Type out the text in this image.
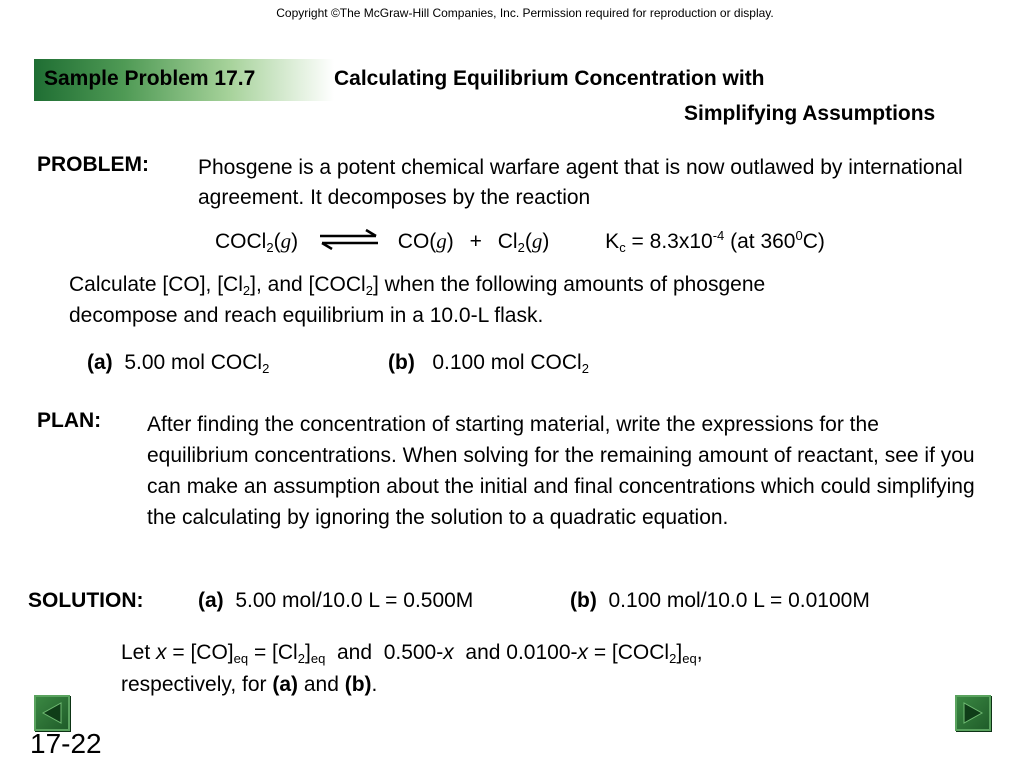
Copyright ©The McGraw-Hill Companies, Inc. Permission required for reproduction or display.
Sample Problem 17.7	Calculating Equilibrium Concentration with
Simplifying Assumptions
PROBLEM: Phosgene is a potent chemical warfare agent that is now outlawed by international agreement. It decomposes by the reaction
COCl$_2$(g) ⇌ $CO(g) + Cl_2(g)$	$K_c = 8.3x10^{-4}$ (at $360^0C$)
Calculate [CO], $[Cl_2]$, and [COCl$_2$] when the following amounts of phosgene
decompose and reach equilibrium in a 10.0-L flask.
(a)  5.00 mol COCl$_2$	(b)   0.100 mol COCl$_2$
PLAN: After finding the concentration of starting material, write the expressions for the equilibrium concentrations. When solving for the remaining amount of reactant, see if you can make an assumption about the initial and final concentrations which could simplifying the calculating by ignoring the solution to a quadratic equation.
SOLUTION:	(a)  5.00 mol/10.0 L = 0.500M	(b)  0.100 mol/10.0 L = 0.0100M
Let $x = [CO]_{eq} = [Cl_2]_{eq}$  and  0.500-x  and $0.0100-x = [COCl_2]_{eq}$,
respectively, for (a) and (b).
17-22
